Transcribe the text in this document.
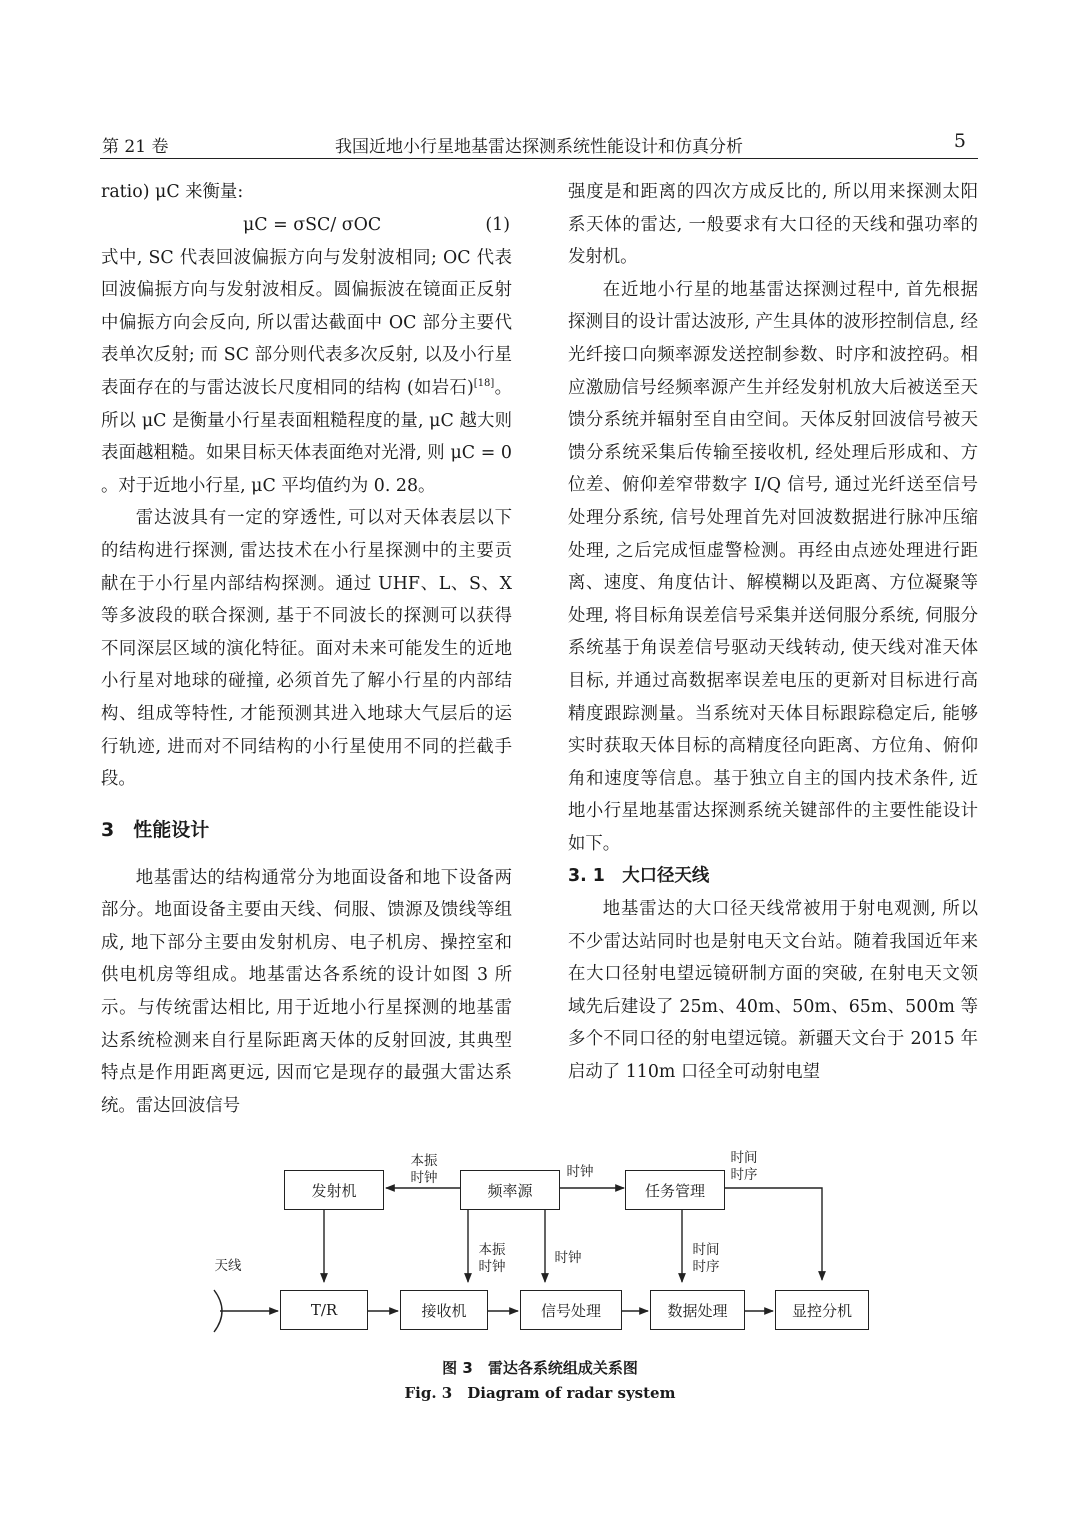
第 21 卷	我国近地小行星地基雷达探测系统性能设计和仿真分析	5

ratio) μC 来衡量:

μC = σSC/ σOC	(1)

式中, SC 代表回波偏振方向与发射波相同; OC 代表回波偏振方向与发射波相反。圆偏振波在镜面正反射中偏振方向会反向, 所以雷达截面中 OC 部分主要代表单次反射; 而 SC 部分则代表多次反射, 以及小行星表面存在的与雷达波长尺度相同的结构 (如岩石)[18]。所以 μC 是衡量小行星表面粗糙程度的量, μC 越大则表面越粗糙。如果目标天体表面绝对光滑, 则 μC = 0 。对于近地小行星, μC 平均值约为 0. 28。

雷达波具有一定的穿透性, 可以对天体表层以下的结构进行探测, 雷达技术在小行星探测中的主要贡献在于小行星内部结构探测。通过 UHF、L、S、X 等多波段的联合探测, 基于不同波长的探测可以获得不同深层区域的演化特征。面对未来可能发生的近地小行星对地球的碰撞, 必须首先了解小行星的内部结构、组成等特性, 才能预测其进入地球大气层后的运行轨迹, 进而对不同结构的小行星使用不同的拦截手段。

3　性能设计

地基雷达的结构通常分为地面设备和地下设备两部分。地面设备主要由天线、伺服、馈源及馈线等组成, 地下部分主要由发射机房、电子机房、操控室和供电机房等组成。地基雷达各系统的设计如图 3 所示。与传统雷达相比, 用于近地小行星探测的地基雷达系统检测来自行星际距离天体的反射回波, 其典型特点是作用距离更远, 因而它是现存的最强大雷达系统。雷达回波信号

强度是和距离的四次方成反比的, 所以用来探测太阳系天体的雷达, 一般要求有大口径的天线和强功率的发射机。

在近地小行星的地基雷达探测过程中, 首先根据探测目的设计雷达波形, 产生具体的波形控制信息, 经光纤接口向频率源发送控制参数、时序和波控码。相应激励信号经频率源产生并经发射机放大后被送至天馈分系统并辐射至自由空间。天体反射回波信号被天馈分系统采集后传输至接收机, 经处理后形成和、方位差、俯仰差窄带数字 I/Q 信号, 通过光纤送至信号处理分系统, 信号处理首先对回波数据进行脉冲压缩处理, 之后完成恒虚警检测。再经由点迹处理进行距离、速度、角度估计、解模糊以及距离、方位凝聚等处理, 将目标角误差信号采集并送伺服分系统, 伺服分系统基于角误差信号驱动天线转动, 使天线对准天体目标, 并通过高数据率误差电压的更新对目标进行高精度跟踪测量。当系统对天体目标跟踪稳定后, 能够实时获取天体目标的高精度径向距离、方位角、俯仰角和速度等信息。基于独立自主的国内技术条件, 近地小行星地基雷达探测系统关键部件的主要性能设计如下。

3. 1　大口径天线

地基雷达的大口径天线常被用于射电观测, 所以不少雷达站同时也是射电天文台站。随着我国近年来在大口径射电望远镜研制方面的突破, 在射电天文领域先后建设了 25m、40m、50m、65m、500m 等多个不同口径的射电望远镜。新疆天文台于 2015 年启动了 110m 口径全可动射电望

发射机	频率源	任务管理
T/R	接收机	信号处理	数据处理	显控分机
天线
本振
时钟	时钟
时间
时序
本振
时钟
时钟	时间
时序
图 3　雷达各系统组成关系图
Fig. 3　Diagram of radar system
